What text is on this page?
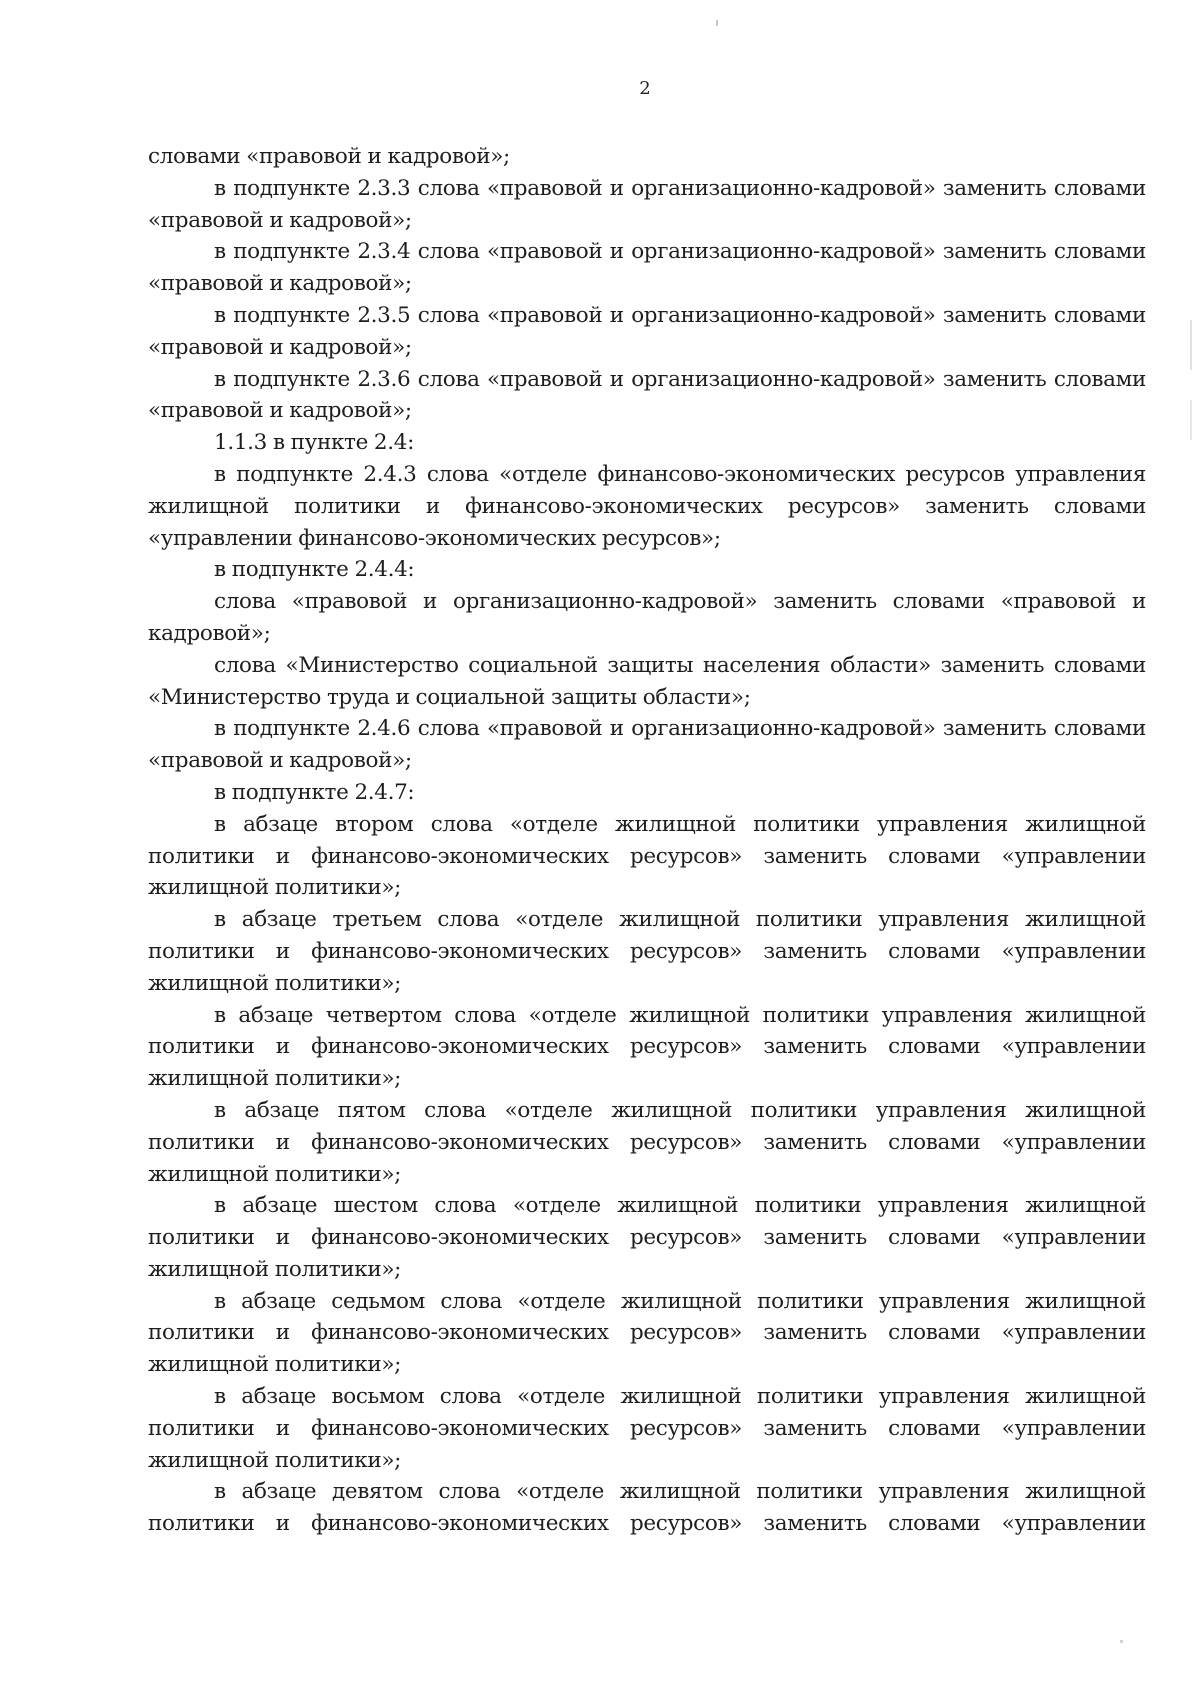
2

словами «правовой и кадровой»;

в подпункте 2.3.3 слова «правовой и организационно-кадровой» заменить словами «правовой и кадровой»;

в подпункте 2.3.4 слова «правовой и организационно-кадровой» заменить словами «правовой и кадровой»;

в подпункте 2.3.5 слова «правовой и организационно-кадровой» заменить словами «правовой и кадровой»;

в подпункте 2.3.6 слова «правовой и организационно-кадровой» заменить словами «правовой и кадровой»;

1.1.3 в пункте 2.4:

в подпункте 2.4.3 слова «отделе финансово-экономических ресурсов управления жилищной политики и финансово-экономических ресурсов» заменить словами «управлении финансово-экономических ресурсов»;

в подпункте 2.4.4:

слова «правовой и организационно-кадровой» заменить словами «правовой и кадровой»;

слова «Министерство социальной защиты населения области» заменить словами «Министерство труда и социальной защиты области»;

в подпункте 2.4.6 слова «правовой и организационно-кадровой» заменить словами «правовой и кадровой»;

в подпункте 2.4.7:

в абзаце втором слова «отделе жилищной политики управления жилищной политики и финансово-экономических ресурсов» заменить словами «управлении жилищной политики»;

в абзаце третьем слова «отделе жилищной политики управления жилищной политики и финансово-экономических ресурсов» заменить словами «управлении жилищной политики»;

в абзаце четвертом слова «отделе жилищной политики управления жилищной политики и финансово-экономических ресурсов» заменить словами «управлении жилищной политики»;

в абзаце пятом слова «отделе жилищной политики управления жилищной политики и финансово-экономических ресурсов» заменить словами «управлении жилищной политики»;

в абзаце шестом слова «отделе жилищной политики управления жилищной политики и финансово-экономических ресурсов» заменить словами «управлении жилищной политики»;

в абзаце седьмом слова «отделе жилищной политики управления жилищной политики и финансово-экономических ресурсов» заменить словами «управлении жилищной политики»;

в абзаце восьмом слова «отделе жилищной политики управления жилищной политики и финансово-экономических ресурсов» заменить словами «управлении жилищной политики»;

в абзаце девятом слова «отделе жилищной политики управления жилищной политики и финансово-экономических ресурсов» заменить словами «управлении
